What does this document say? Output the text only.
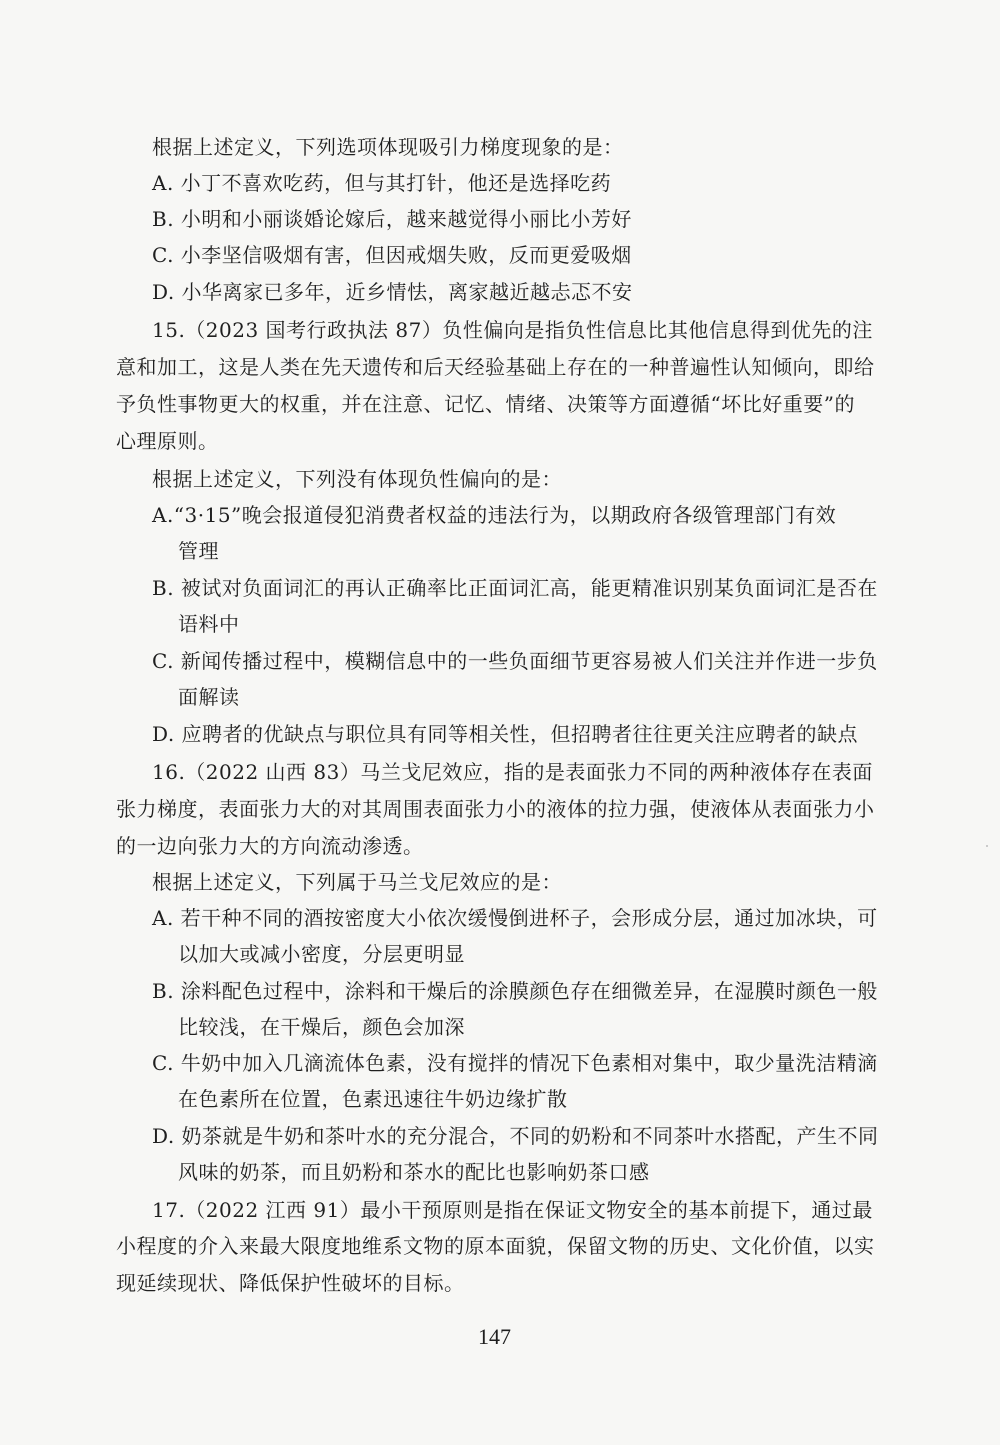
根据上述定义，下列选项体现吸引力梯度现象的是：
A. 小丁不喜欢吃药，但与其打针，他还是选择吃药
B. 小明和小丽谈婚论嫁后，越来越觉得小丽比小芳好
C. 小李坚信吸烟有害，但因戒烟失败，反而更爱吸烟
D. 小华离家已多年，近乡情怯，离家越近越忐忑不安
15.（2023 国考行政执法 87）负性偏向是指负性信息比其他信息得到优先的注
意和加工，这是人类在先天遗传和后天经验基础上存在的一种普遍性认知倾向，即给
予负性事物更大的权重，并在注意、记忆、情绪、决策等方面遵循“坏比好重要”的
心理原则。
根据上述定义，下列没有体现负性偏向的是：
A.“3·15”晚会报道侵犯消费者权益的违法行为，以期政府各级管理部门有效
管理
B. 被试对负面词汇的再认正确率比正面词汇高，能更精准识别某负面词汇是否在
语料中
C. 新闻传播过程中，模糊信息中的一些负面细节更容易被人们关注并作进一步负
面解读
D. 应聘者的优缺点与职位具有同等相关性，但招聘者往往更关注应聘者的缺点
16.（2022 山西 83）马兰戈尼效应，指的是表面张力不同的两种液体存在表面
张力梯度，表面张力大的对其周围表面张力小的液体的拉力强，使液体从表面张力小
的一边向张力大的方向流动渗透。
根据上述定义，下列属于马兰戈尼效应的是：
A. 若干种不同的酒按密度大小依次缓慢倒进杯子，会形成分层，通过加冰块，可
以加大或减小密度，分层更明显
B. 涂料配色过程中，涂料和干燥后的涂膜颜色存在细微差异，在湿膜时颜色一般
比较浅，在干燥后，颜色会加深
C. 牛奶中加入几滴流体色素，没有搅拌的情况下色素相对集中，取少量洗洁精滴
在色素所在位置，色素迅速往牛奶边缘扩散
D. 奶茶就是牛奶和茶叶水的充分混合，不同的奶粉和不同茶叶水搭配，产生不同
风味的奶茶，而且奶粉和茶水的配比也影响奶茶口感
17.（2022 江西 91）最小干预原则是指在保证文物安全的基本前提下，通过最
小程度的介入来最大限度地维系文物的原本面貌，保留文物的历史、文化价值，以实
现延续现状、降低保护性破坏的目标。
147
